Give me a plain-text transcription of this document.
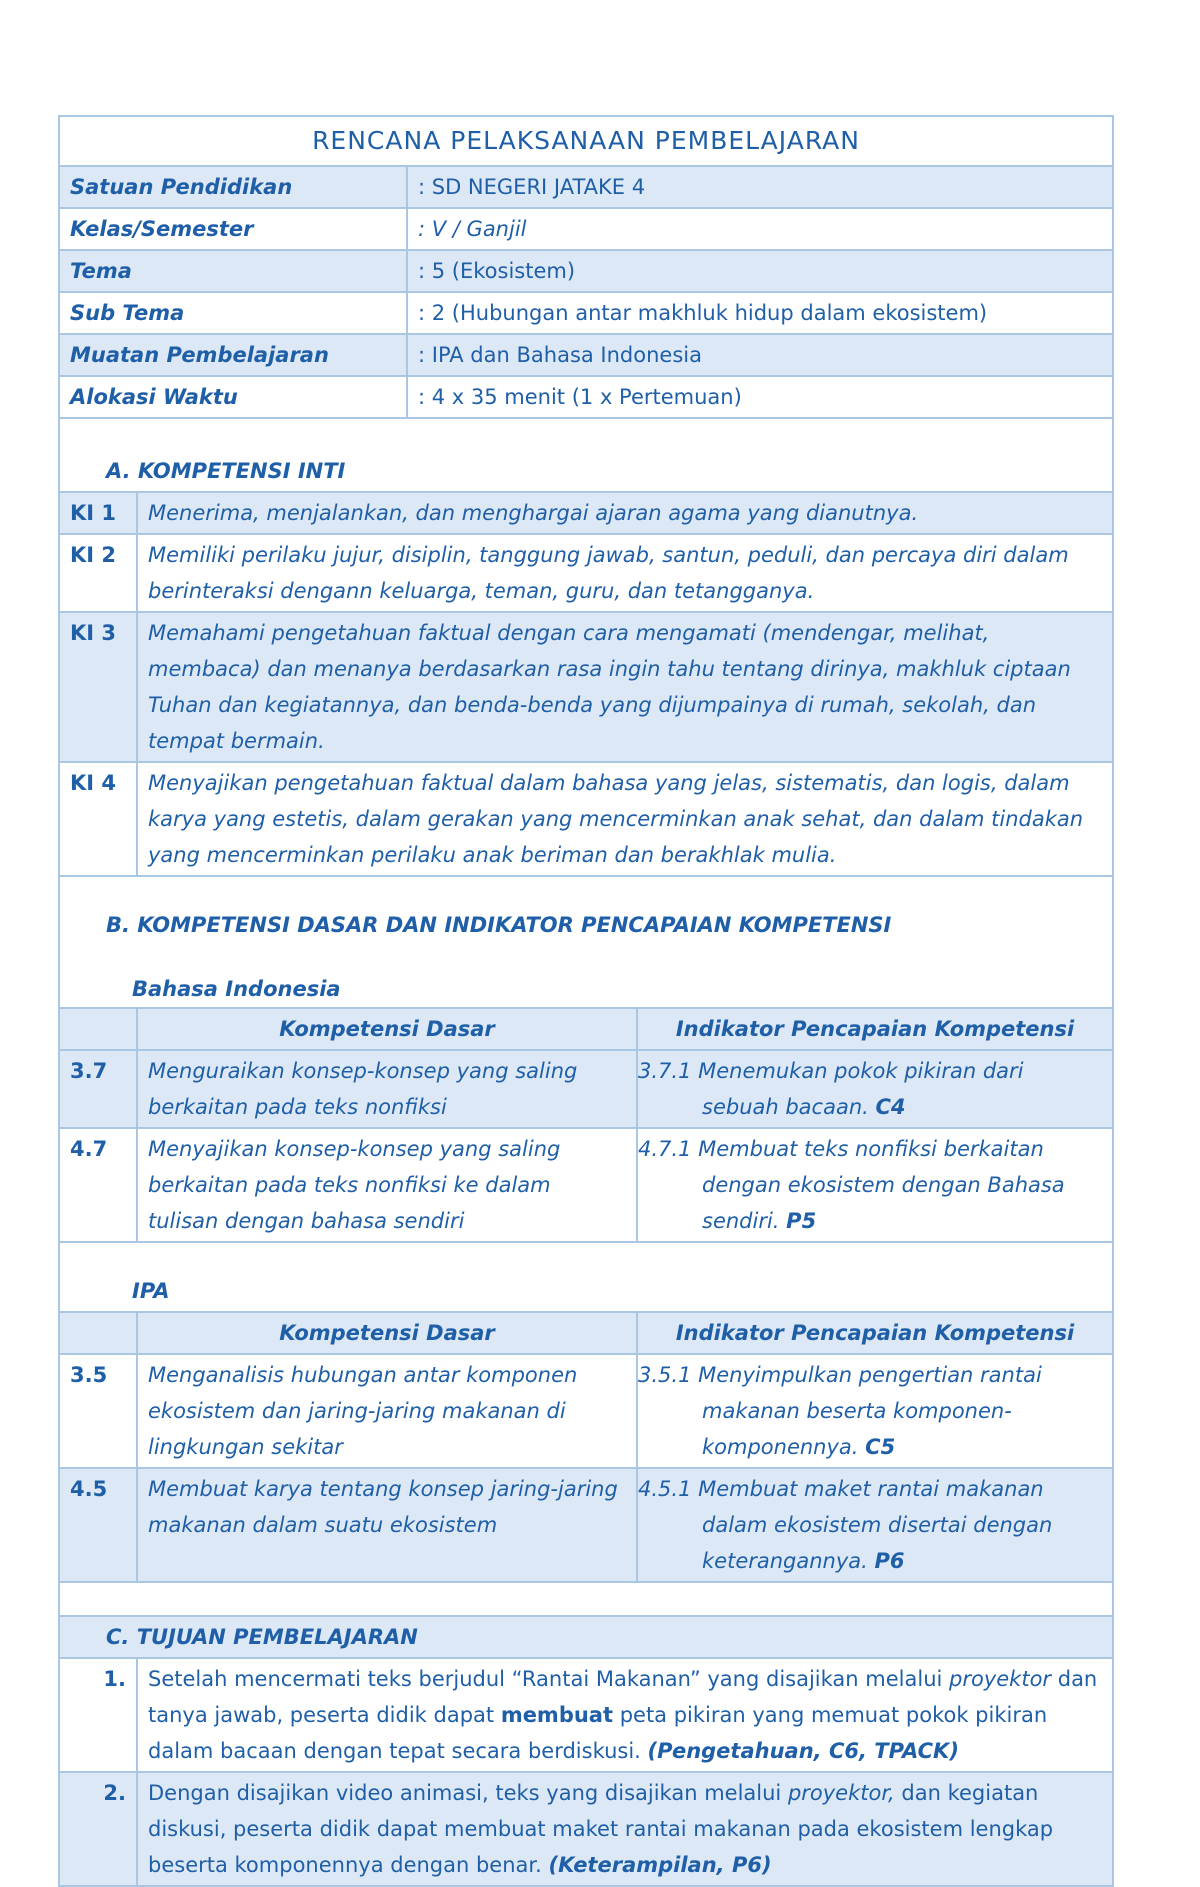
RENCANA PELAKSANAAN PEMBELAJARAN			
Satuan Pendidikan		: SD NEGERI JATAKE 4	
Kelas/Semester		: V / Ganjil	
Tema		: 5 (Ekosistem)	
Sub Tema		: 2 (Hubungan antar makhluk hidup dalam ekosistem)	
Muatan Pembelajaran		: IPA dan Bahasa Indonesia	
Alokasi Waktu		: 4 x 35 menit (1 x Pertemuan)	
A. KOMPETENSI INTI			
KI 1	Menerima, menjalankan, dan menghargai ajaran agama yang dianutnya.		
KI 2	Memiliki perilaku jujur, disiplin, tanggung jawab, santun, peduli, dan percaya diri dalam berinteraksi dengann keluarga, teman, guru, dan tetangganya.		
KI 3	Memahami pengetahuan faktual dengan cara mengamati (mendengar, melihat, membaca) dan menanya berdasarkan rasa ingin tahu tentang dirinya, makhluk ciptaan Tuhan dan kegiatannya, dan benda-benda yang dijumpainya di rumah, sekolah, dan tempat bermain.		
KI 4	Menyajikan pengetahuan faktual dalam bahasa yang jelas, sistematis, dan logis, dalam karya yang estetis, dalam gerakan yang mencerminkan anak sehat, dan dalam tindakan yang mencerminkan perilaku anak beriman dan berakhlak mulia.		

B. KOMPETENSI DASAR DAN INDIKATOR PENCAPAIAN KOMPETENSI
Bahasa Indonesia			

	Kompetensi Dasar		Indikator Pencapaian Kompetensi
3.7	Menguraikan konsep-konsep yang saling berkaitan pada teks nonfiksi		3.7.1 Menemukan pokok pikiran dari sebuah bacaan. C4
4.7	Menyajikan konsep-konsep yang saling berkaitan pada teks nonfiksi ke dalam tulisan dengan bahasa sendiri		4.7.1 Membuat teks nonfiksi berkaitan dengan ekosistem dengan Bahasa sendiri. P5
IPA			
	Kompetensi Dasar		Indikator Pencapaian Kompetensi
3.5	Menganalisis hubungan antar komponen ekosistem dan jaring-jaring makanan di lingkungan sekitar		3.5.1 Menyimpulkan pengertian rantai makanan beserta komponen-komponennya. C5
4.5	Membuat karya tentang konsep jaring-jaring makanan dalam suatu ekosistem		4.5.1 Membuat maket rantai makanan dalam ekosistem disertai dengan keterangannya. P6

C. TUJUAN PEMBELAJARAN			
1.	Setelah mencermati teks berjudul “Rantai Makanan” yang disajikan melalui proyektor dan tanya jawab, peserta didik dapat membuat peta pikiran yang memuat pokok pikiran dalam bacaan dengan tepat secara berdiskusi. (Pengetahuan, C6, TPACK)		
2.	Dengan disajikan video animasi, teks yang disajikan melalui proyektor, dan kegiatan diskusi, peserta didik dapat membuat maket rantai makanan pada ekosistem lengkap beserta komponennya dengan benar. (Keterampilan, P6)		
